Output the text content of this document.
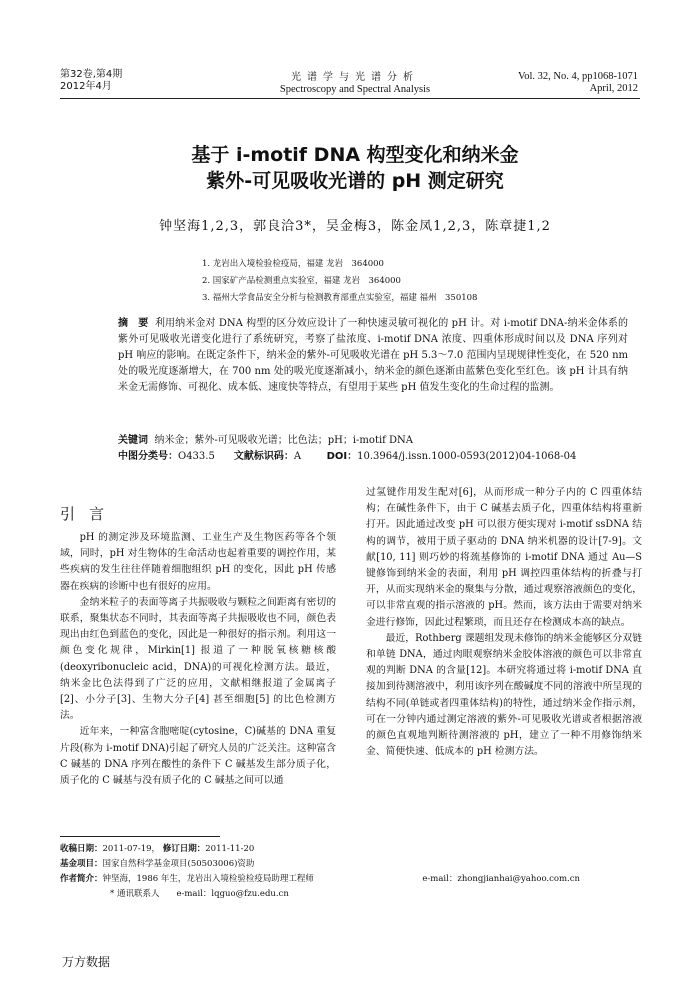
第32卷,第4期
2012年4月
光谱学与光谱分析
Spectroscopy and Spectral Analysis
Vol. 32, No. 4, pp1068-1071
April, 2012
基于 i-motif DNA 构型变化和纳米金
紫外-可见吸收光谱的 pH 测定研究
钟坚海1,2,3，郭良洽3*，吴金梅3，陈金凤1,2,3，陈章捷1,2
1. 龙岩出入境检验检疫局，福建 龙岩　364000
2. 国家矿产品检测重点实验室，福建 龙岩　364000
3. 福州大学食品安全分析与检测教育部重点实验室，福建 福州　350108
摘　要 利用纳米金对 DNA 构型的区分效应设计了一种快速灵敏可视化的 pH 计。对 i-motif DNA-纳米金体系的紫外可见吸收光谱变化进行了系统研究，考察了盐浓度、i-motif DNA 浓度、四重体形成时间以及 DNA 序列对 pH 响应的影响。在既定条件下，纳米金的紫外-可见吸收光谱在 pH 5.3～7.0 范围内呈现规律性变化，在 520 nm 处的吸光度逐渐增大，在 700 nm 处的吸光度逐渐减小，纳米金的颜色逐渐由蓝紫色变化至红色。该 pH 计具有纳米金无需修饰、可视化、成本低、速度快等特点，有望用于某些 pH 值发生变化的生命过程的监测。
关键词 纳米金；紫外-可见吸收光谱；比色法；pH；i-motif DNA
中图分类号：O433.5 文献标识码：A	DOI：10.3964/j.issn.1000-0593(2012)04-1068-04
引言

pH 的测定涉及环境监测、工业生产及生物医药等各个领域，同时，pH 对生物体的生命活动也起着重要的调控作用，某些疾病的发生往往伴随着细胞组织 pH 的变化，因此 pH 传感器在疾病的诊断中也有很好的应用。

金纳米粒子的表面等离子共振吸收与颗粒之间距离有密切的联系，聚集状态不同时，其表面等离子共振吸收也不同，颜色表现出由红色到蓝色的变化，因此是一种很好的指示剂。利用这一颜色变化规律，Mirkin[1] 报道了一种脱氧核糖核酸(deoxyribonucleic acid，DNA)的可视化检测方法。最近，纳米金比色法得到了广泛的应用，文献相继报道了金属离子[2]、小分子[3]、生物大分子[4] 甚至细胞[5] 的比色检测方法。

近年来，一种富含胞嘧啶(cytosine，C)碱基的 DNA 重复片段(称为 i-motif DNA)引起了研究人员的广泛关注。这种富含 C 碱基的 DNA 序列在酸性的条件下 C 碱基发生部分质子化，质子化的 C 碱基与没有质子化的 C 碱基之间可以通

过氢键作用发生配对[6]，从而形成一种分子内的 C 四重体结构；在碱性条件下，由于 C 碱基去质子化，四重体结构将重新打开。因此通过改变 pH 可以很方便实现对 i-motif ssDNA 结构的调节，被用于质子驱动的 DNA 纳米机器的设计[7-9]。文献[10, 11] 则巧妙的将巯基修饰的 i-motif DNA 通过 Au—S 键修饰到纳米金的表面，利用 pH 调控四重体结构的折叠与打开，从而实现纳米金的聚集与分散，通过观察溶液颜色的变化，可以非常直观的指示溶液的 pH。然而，该方法由于需要对纳米金进行修饰，因此过程繁琐，而且还存在检测成本高的缺点。

最近，Rothberg 课题组发现未修饰的纳米金能够区分双链和单链 DNA，通过肉眼观察纳米金胶体溶液的颜色可以非常直观的判断 DNA 的含量[12]。本研究将通过将 i-motif DNA 直接加到待测溶液中，利用该序列在酸碱度不同的溶液中所呈现的结构不同(单链或者四重体结构)的特性，通过纳米金作指示剂，可在一分钟内通过测定溶液的紫外-可见吸收光谱或者根据溶液的颜色直观地判断待测溶液的 pH，建立了一种不用修饰纳米金、简便快速、低成本的 pH 检测方法。

收稿日期：2011-07-19， 修订日期：2011-11-20
基金项目：国家自然科学基金项目(50503006)资助
作者简介：钟坚海，1986 年生，龙岩出入境检验检疫局助理工程师	e-mail：zhongjianhai@yahoo.com.cn
* 通讯联系人　　e-mail：lqguo@fzu.edu.cn
万方数据
